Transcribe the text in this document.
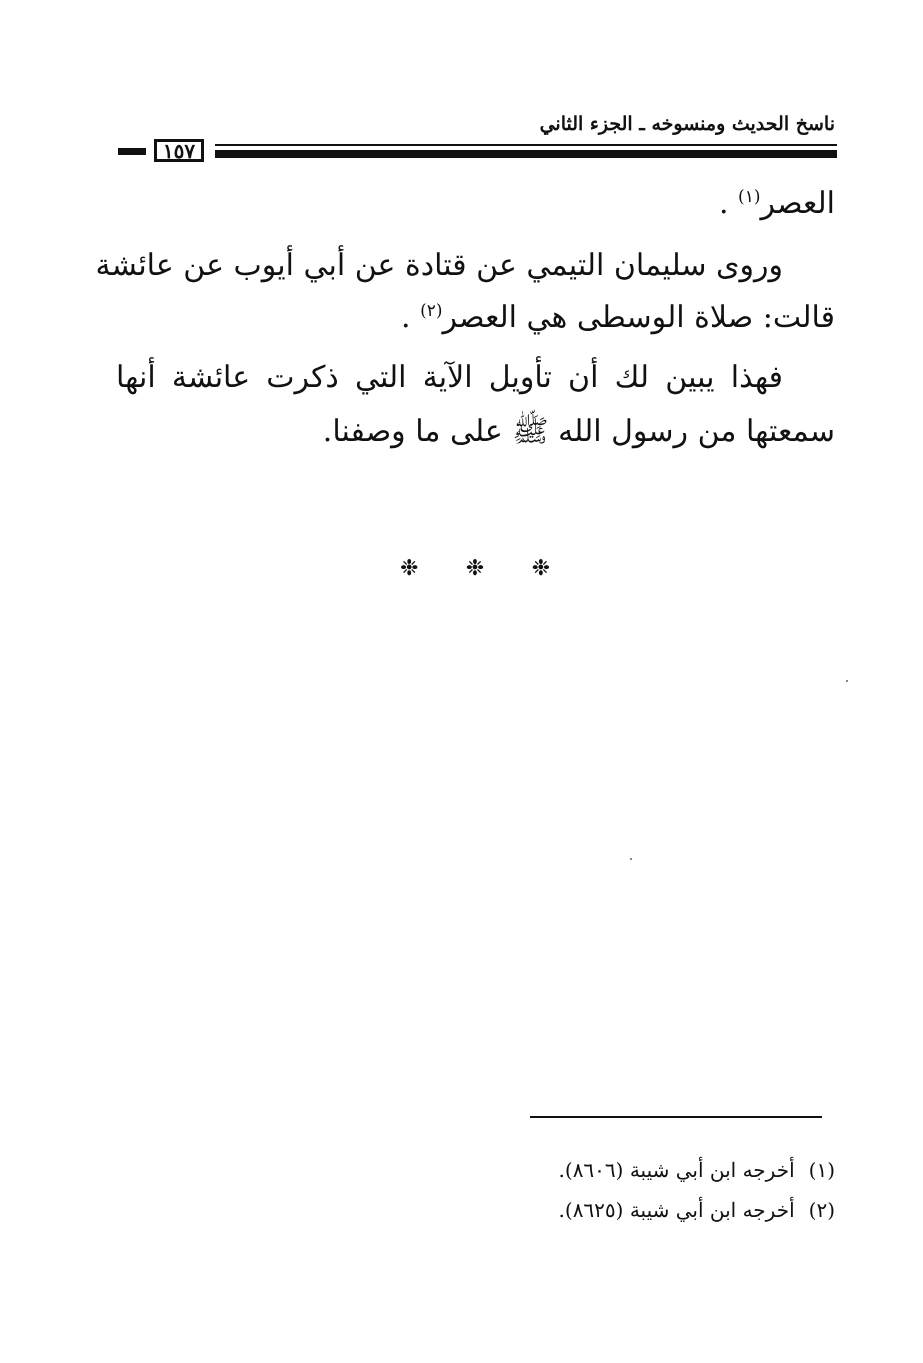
ناسخ الحديث ومنسوخه ـ الجزء الثاني
١٥٧
العصر$^{(١)}$ .
وروى سليمان التيمي عن قتادة عن أبي أيوب عن عائشة
قالت: صلاة الوسطى هي العصر$^{(٢)}$ .
فهذا يبين لك أن تأويل الآية التي ذكرت عائشة أنها
سمعتها من رسول الله ﷺ على ما وصفنا.
❉ ❉ ❉
(١)أخرجه ابن أبي شيبة (٨٦٠٦).
(٢)أخرجه ابن أبي شيبة (٨٦٢٥).
